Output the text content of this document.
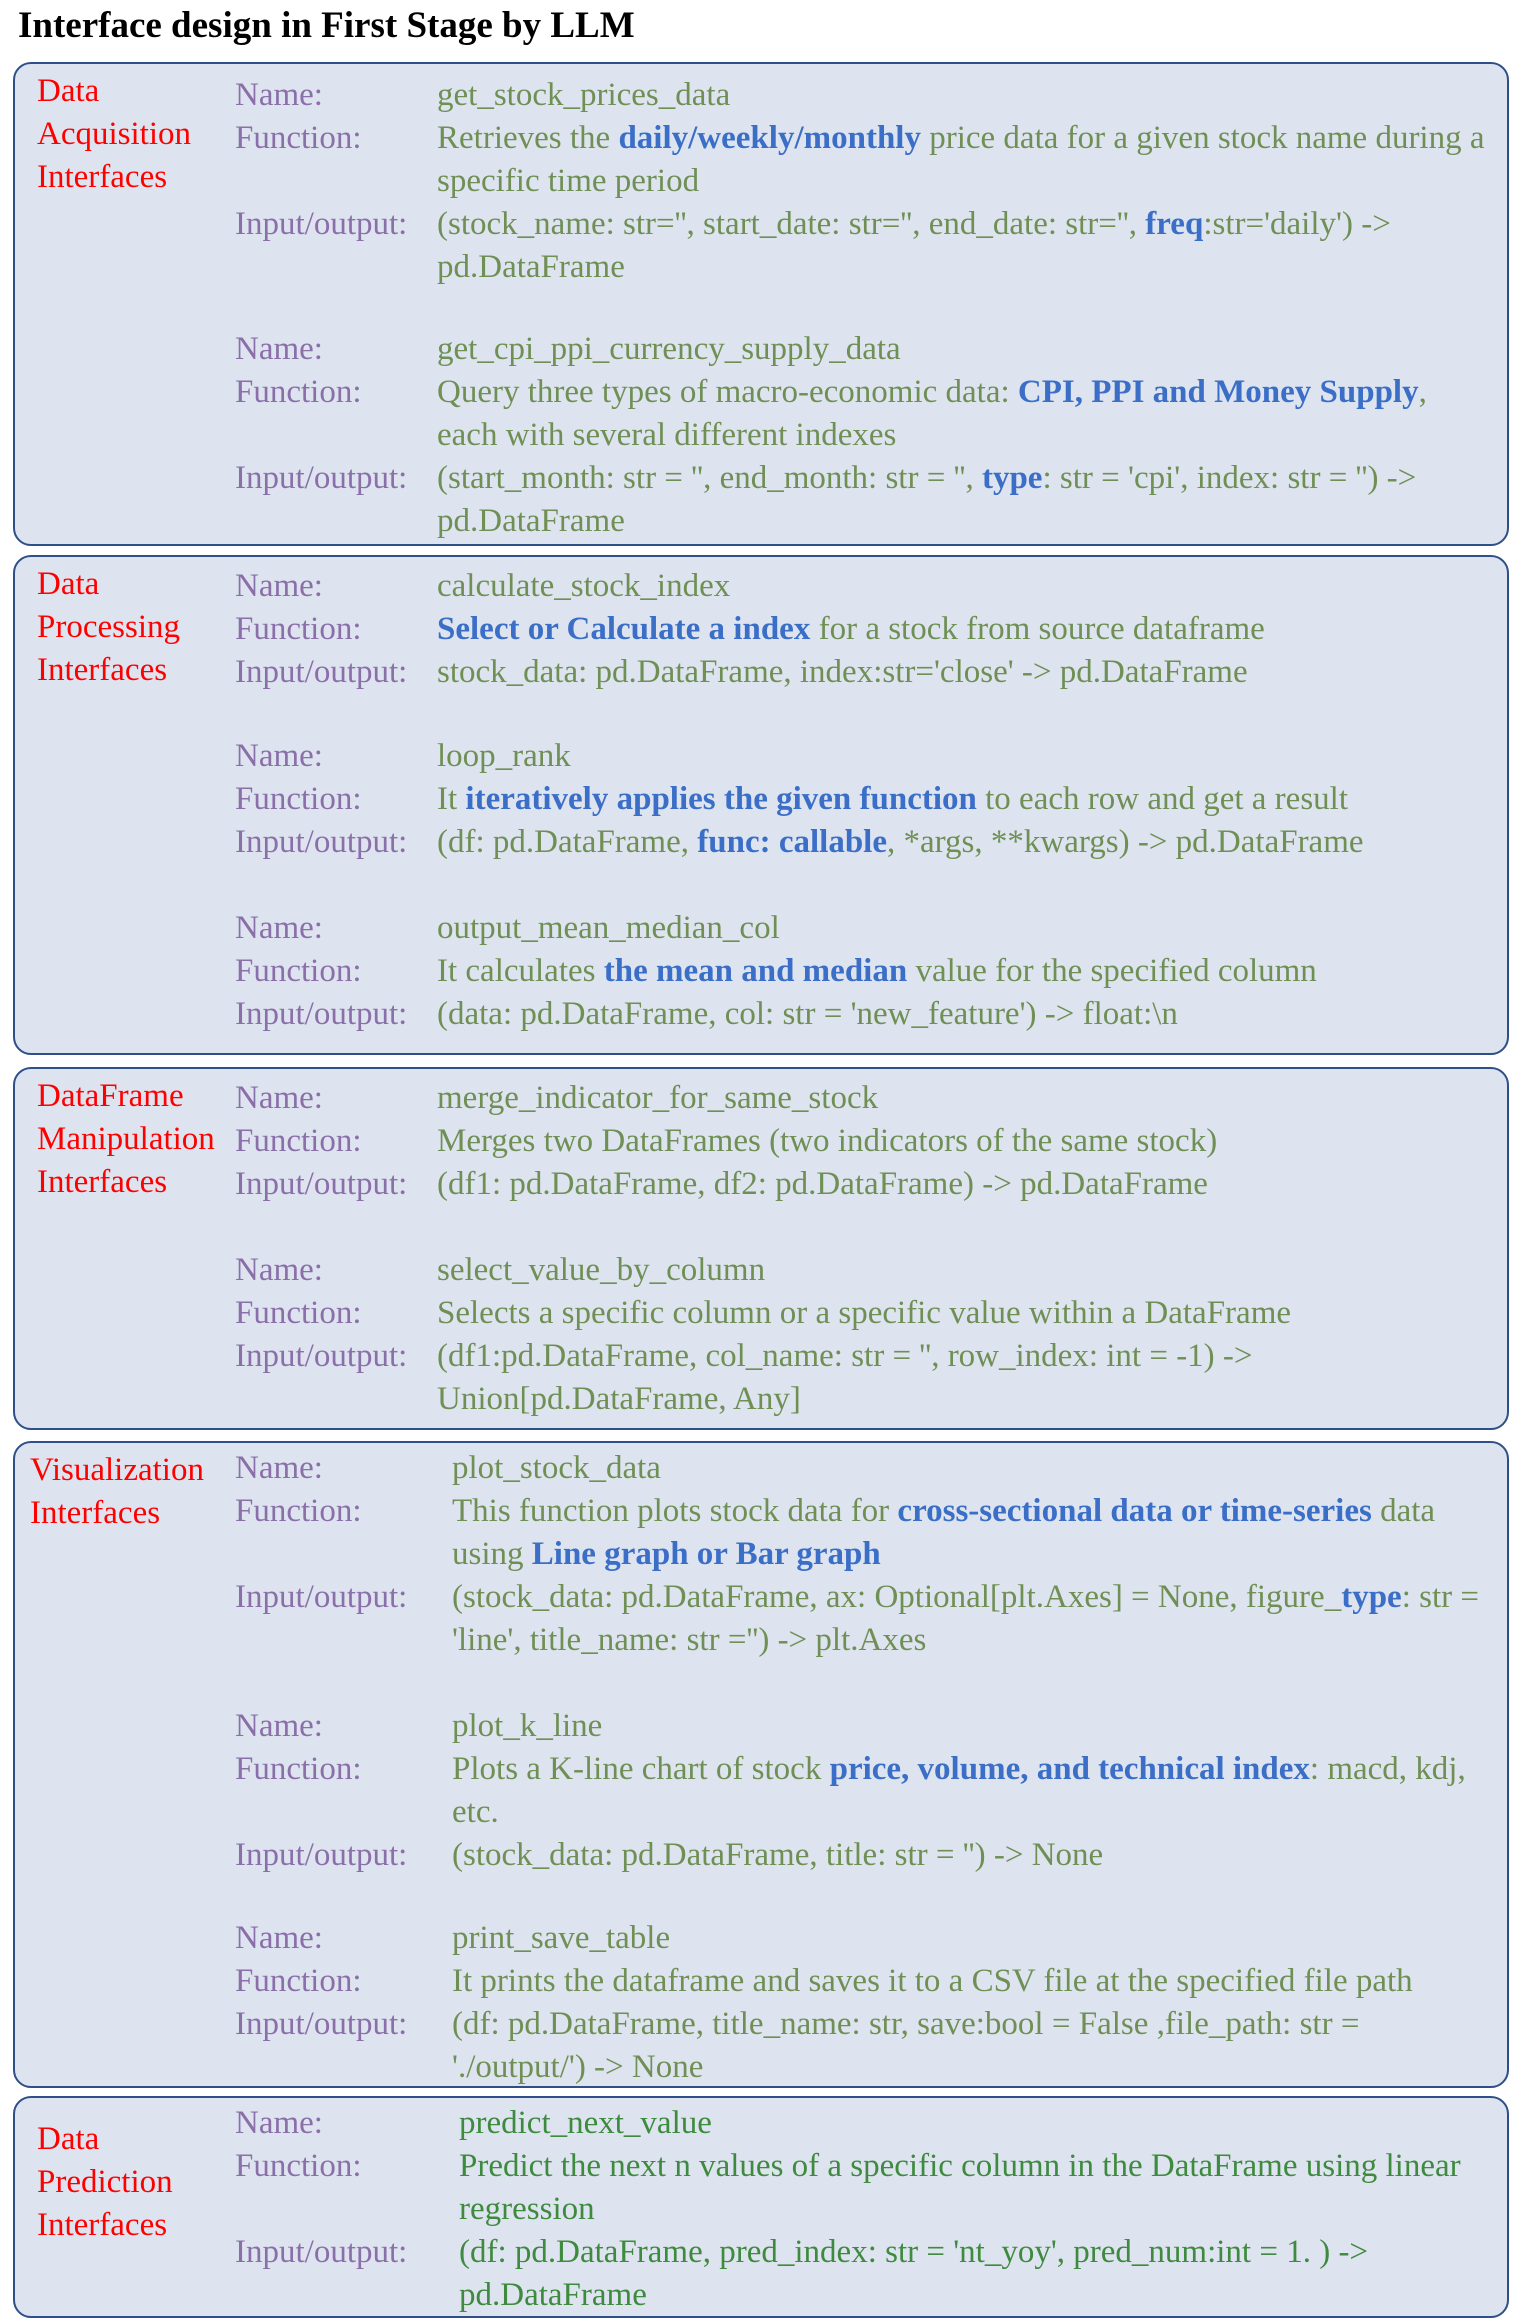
Interface design in First Stage by LLM
Data
Acquisition
Interfaces
Name:	get_stock_prices_data
Function: Retrieves the daily/weekly/monthly price data for a given stock name during a specific time period
Input/output: (stock_name: str='', start_date: str='', end_date: str='', freq:str='daily') -> pd.DataFrame
Name:	get_cpi_ppi_currency_supply_data
Function: Query three types of macro-economic data: CPI, PPI and Money Supply, each with several different indexes
Input/output: (start_month: str = '', end_month: str = '', type: str = 'cpi', index: str = '') -> pd.DataFrame
Data
Processing
Interfaces
Name:	calculate_stock_index
Function: Select or Calculate a index for a stock from source dataframe
Input/output: stock_data: pd.DataFrame, index:str='close' -> pd.DataFrame
Name:	loop_rank
Function: It iteratively applies the given function to each row and get a result
Input/output: (df: pd.DataFrame, func: callable, *args, **kwargs) -> pd.DataFrame
Name:	output_mean_median_col
Function: It calculates the mean and median value for the specified column
Input/output: (data: pd.DataFrame, col: str = 'new_feature') -> float:\n
DataFrame
Manipulation
Interfaces
Name:	merge_indicator_for_same_stock
Function: Merges two DataFrames (two indicators of the same stock)
Input/output: (df1: pd.DataFrame, df2: pd.DataFrame) -> pd.DataFrame
Name:	select_value_by_column
Function: Selects a specific column or a specific value within a DataFrame
Input/output: (df1:pd.DataFrame, col_name: str = '', row_index: int = -1) -> Union[pd.DataFrame, Any]
Visualization
Interfaces
Name:	plot_stock_data
Function:	This function plots stock data for cross-sectional data or time-series data using Line graph or Bar graph
Input/output: (stock_data: pd.DataFrame, ax: Optional[plt.Axes] = None, figure_type: str = 'line', title_name: str ='') -> plt.Axes
Name:	plot_k_line
Function:	Plots a K-line chart of stock price, volume, and technical index: macd, kdj, etc.
Input/output: (stock_data: pd.DataFrame, title: str = '') -> None
Name:	print_save_table
Function:	It prints the dataframe and saves it to a CSV file at the specified file path
Input/output: (df: pd.DataFrame, title_name: str, save:bool = False ,file_path: str = './output/') -> None
Data
Prediction
Interfaces
Name:	predict_next_value
Function:	Predict the next n values of a specific column in the DataFrame using linear regression
Input/output: (df: pd.DataFrame, pred_index: str = 'nt_yoy', pred_num:int = 1. ) -> pd.DataFrame
